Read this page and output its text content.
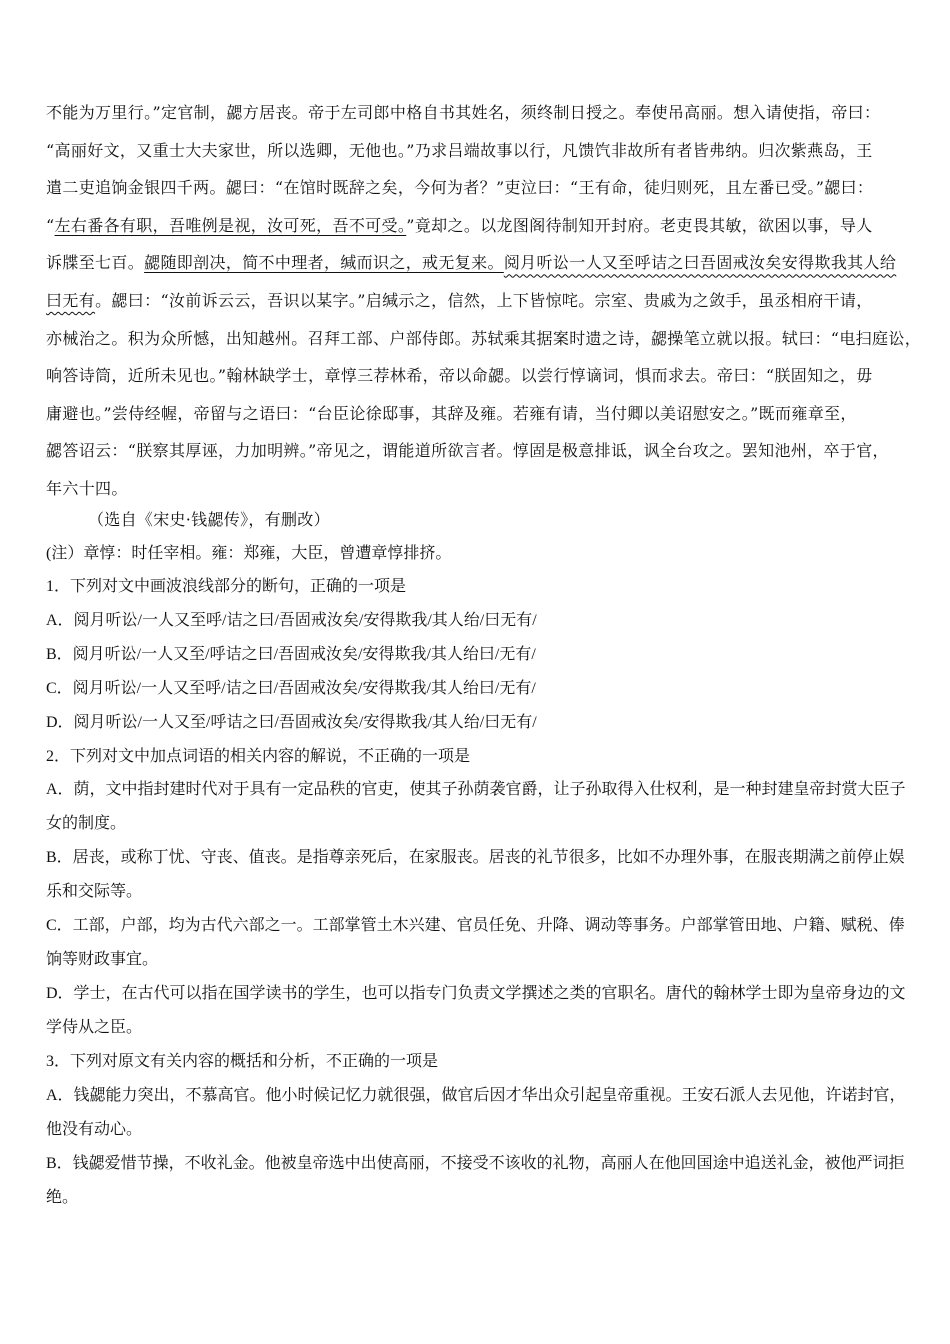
不能为万里行。”定官制，勰方居丧。帝于左司郎中格自书其姓名，须终制日授之。奉使吊高丽。想入请使指，帝曰：
“高丽好文，又重士大夫家世，所以选卿，无他也。”乃求吕端故事以行，凡馈饩非故所有者皆弗纳。归次紫燕岛，王
遣二吏追饷金银四千两。勰曰：“在馆时既辞之矣，今何为者？”吏泣曰：“王有命，徒归则死，且左番已受。”勰曰：
“左右番各有职，吾唯例是视，汝可死，吾不可受。”竟却之。以龙图阁待制知开封府。老吏畏其敏，欲困以事，导人
诉牒至七百。勰随即剖决，简不中理者，缄而识之，戒无复来。阅月听讼一人又至呼诘之曰吾固戒汝矣安得欺我其人给
曰无有。勰曰：“汝前诉云云，吾识以某字。”启缄示之，信然，上下皆惊咤。宗室、贵戚为之敛手，虽丞相府干请，
亦械治之。积为众所憾，出知越州。召拜工部、户部侍郎。苏轼乘其据案时遗之诗，勰操笔立就以报。轼曰：“电扫庭讼，
响答诗筒，近所未见也。”翰林缺学士，章惇三荐林希，帝以命勰。以尝行惇谪词，惧而求去。帝曰：“朕固知之，毋
庸避也。”尝侍经幄，帝留与之语曰：“台臣论徐邸事，其辞及雍。若雍有请，当付卿以美诏慰安之。”既而雍章至，
勰答诏云：“朕察其厚诬，力加明辨。”帝见之，谓能道所欲言者。惇固是极意排诋，讽全台攻之。罢知池州，卒于官，
年六十四。
（选自《宋史·钱勰传》，有删改）
(注）章惇：时任宰相。雍：郑雍，大臣，曾遭章惇排挤。
1．下列对文中画波浪线部分的断句，正确的一项是
A．阅月听讼/一人又至呼/诘之曰/吾固戒汝矣/安得欺我/其人绐/曰无有/
B．阅月听讼/一人又至/呼诘之曰/吾固戒汝矣/安得欺我/其人绐曰/无有/
C．阅月听讼/一人又至呼/诘之曰/吾固戒汝矣/安得欺我/其人绐曰/无有/
D．阅月听讼/一人又至/呼诘之曰/吾固戒汝矣/安得欺我/其人绐/曰无有/
2．下列对文中加点词语的相关内容的解说，不正确的一项是
A．荫，文中指封建时代对于具有一定品秩的官吏，使其子孙荫袭官爵，让子孙取得入仕权利，是一种封建皇帝封赏大臣子女的制度。
B．居丧，或称丁忧、守丧、值丧。是指尊亲死后，在家服丧。居丧的礼节很多，比如不办理外事，在服丧期满之前停止娱乐和交际等。
C．工部，户部，均为古代六部之一。工部掌管土木兴建、官员任免、升降、调动等事务。户部掌管田地、户籍、赋税、俸饷等财政事宜。
D．学士，在古代可以指在国学读书的学生，也可以指专门负责文学撰述之类的官职名。唐代的翰林学士即为皇帝身边的文学侍从之臣。
3．下列对原文有关内容的概括和分析，不正确的一项是
A．钱勰能力突出，不慕高官。他小时候记忆力就很强，做官后因才华出众引起皇帝重视。王安石派人去见他，许诺封官，他没有动心。
B．钱勰爱惜节操，不收礼金。他被皇帝选中出使高丽，不接受不该收的礼物，高丽人在他回国途中追送礼金，被他严词拒绝。
